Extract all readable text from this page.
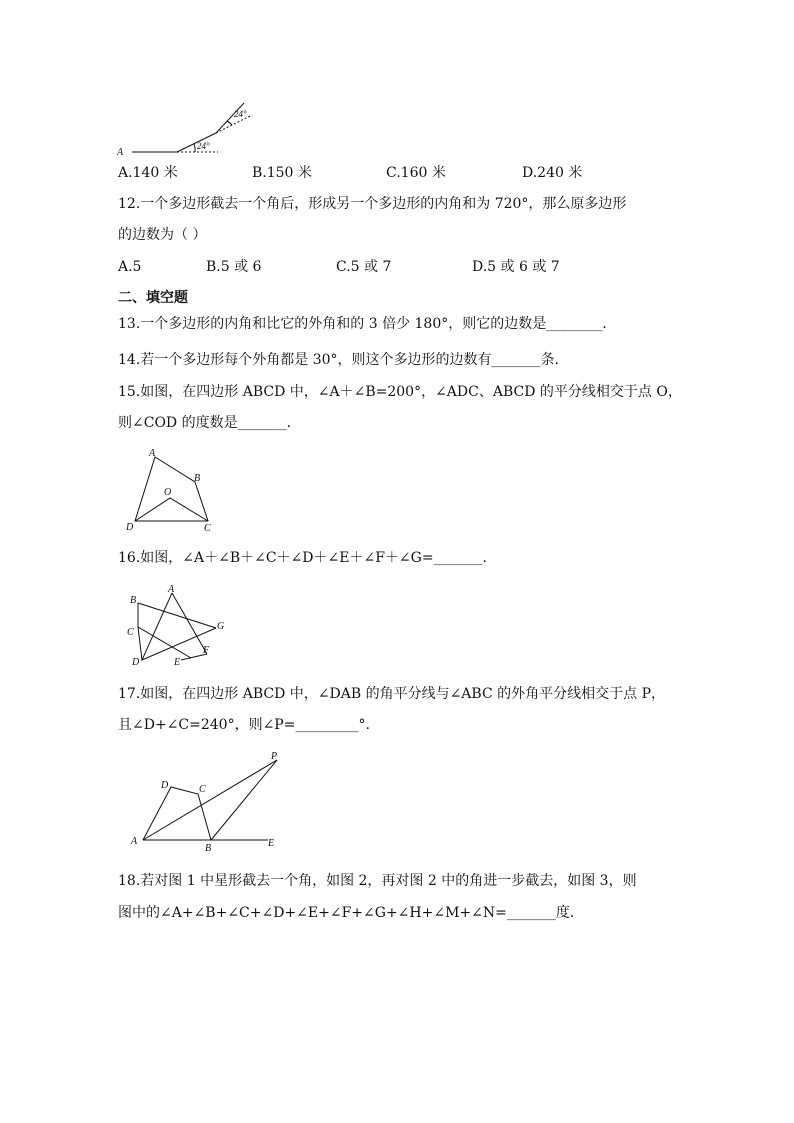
A
24°
24°
A.140 米	B.150 米	C.160 米	D.240 米
12.一个多边形截去一个角后，形成另一个多边形的内角和为 720°，那么原多边形
的边数为（ ）
A.5	B.5 或 6	C.5 或 7	D.5 或 6 或 7
二、填空题
13.一个多边形的内角和比它的外角和的 3 倍少 180°，则它的边数是________.
14.若一个多边形每个外角都是 30°，则这个多边形的边数有_______条.
15.如图，在四边形 ABCD 中，∠A＋∠B=200°，∠ADC、ABCD 的平分线相交于点 O，
则∠COD 的度数是_______.
A
B
O
D	C
16.如图，∠A＋∠B＋∠C＋∠D＋∠E＋∠F＋∠G=_______.
A
B
C
D	E
F
G
17.如图，在四边形 ABCD 中，∠DAB 的角平分线与∠ABC 的外角平分线相交于点 P，
且∠D+∠C=240°，则∠P=_________°.
A
B
C
D
E
P
18.若对图 1 中星形截去一个角，如图 2，再对图 2 中的角进一步截去，如图 3，则
图中的∠A+∠B+∠C+∠D+∠E+∠F+∠G+∠H+∠M+∠N=_______度.
